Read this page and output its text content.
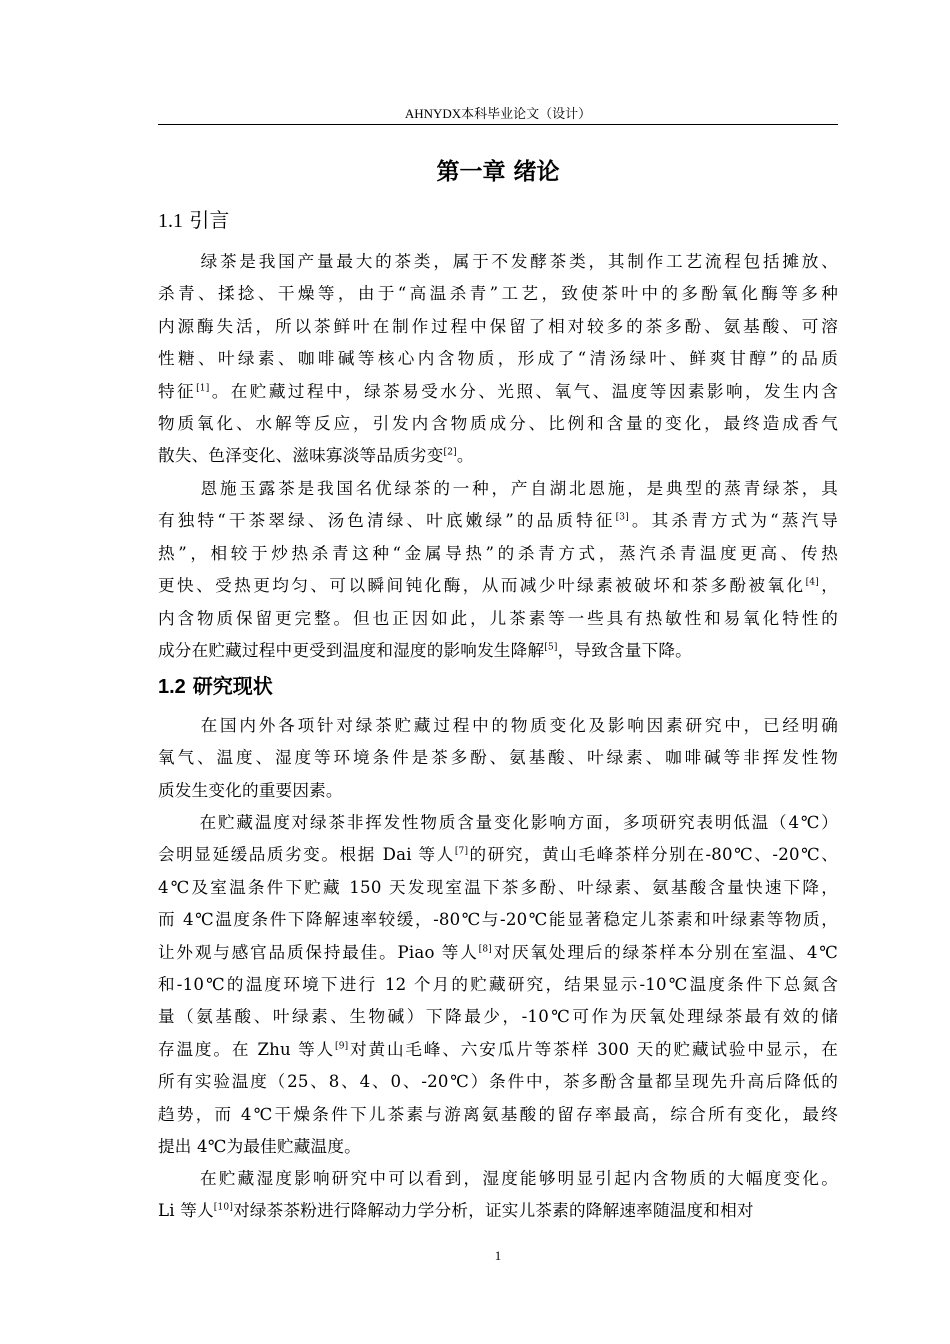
AHNYDX本科毕业论文（设计）
第一章 绪论
1.1 引言
绿茶是我国产量最大的茶类，属于不发酵茶类，其制作工艺流程包括摊放、
杀青、揉捻、干燥等，由于“高温杀青”工艺，致使茶叶中的多酚氧化酶等多种
内源酶失活，所以茶鲜叶在制作过程中保留了相对较多的茶多酚、氨基酸、可溶
性糖、叶绿素、咖啡碱等核心内含物质，形成了“清汤绿叶、鲜爽甘醇”的品质
特征[1]。在贮藏过程中，绿茶易受水分、光照、氧气、温度等因素影响，发生内含
物质氧化、水解等反应，引发内含物质成分、比例和含量的变化，最终造成香气
散失、色泽变化、滋味寡淡等品质劣变[2]。
恩施玉露茶是我国名优绿茶的一种，产自湖北恩施，是典型的蒸青绿茶，具
有独特“干茶翠绿、汤色清绿、叶底嫩绿”的品质特征[3]。其杀青方式为“蒸汽导
热”，相较于炒热杀青这种“金属导热”的杀青方式，蒸汽杀青温度更高、传热
更快、受热更均匀、可以瞬间钝化酶，从而减少叶绿素被破坏和茶多酚被氧化[4]，
内含物质保留更完整。但也正因如此，儿茶素等一些具有热敏性和易氧化特性的
成分在贮藏过程中更受到温度和湿度的影响发生降解[5]，导致含量下降。
1.2 研究现状
在国内外各项针对绿茶贮藏过程中的物质变化及影响因素研究中，已经明确
氧气、温度、湿度等环境条件是茶多酚、氨基酸、叶绿素、咖啡碱等非挥发性物
质发生变化的重要因素。
在贮藏温度对绿茶非挥发性物质含量变化影响方面，多项研究表明低温（4℃）
会明显延缓品质劣变。根据 Dai 等人[7]的研究，黄山毛峰茶样分别在-80℃、-20℃、
4℃及室温条件下贮藏 150 天发现室温下茶多酚、叶绿素、氨基酸含量快速下降，
而 4℃温度条件下降解速率较缓，-80℃与-20℃能显著稳定儿茶素和叶绿素等物质，
让外观与感官品质保持最佳。Piao 等人[8]对厌氧处理后的绿茶样本分别在室温、4℃
和-10℃的温度环境下进行 12 个月的贮藏研究，结果显示-10℃温度条件下总氮含
量（氨基酸、叶绿素、生物碱）下降最少，-10℃可作为厌氧处理绿茶最有效的储
存温度。在 Zhu 等人[9]对黄山毛峰、六安瓜片等茶样 300 天的贮藏试验中显示，在
所有实验温度（25、8、4、0、-20℃）条件中，茶多酚含量都呈现先升高后降低的
趋势，而 4℃干燥条件下儿茶素与游离氨基酸的留存率最高，综合所有变化，最终
提出 4℃为最佳贮藏温度。
在贮藏湿度影响研究中可以看到，湿度能够明显引起内含物质的大幅度变化。
Li 等人[10]对绿茶茶粉进行降解动力学分析，证实儿茶素的降解速率随温度和相对
1
